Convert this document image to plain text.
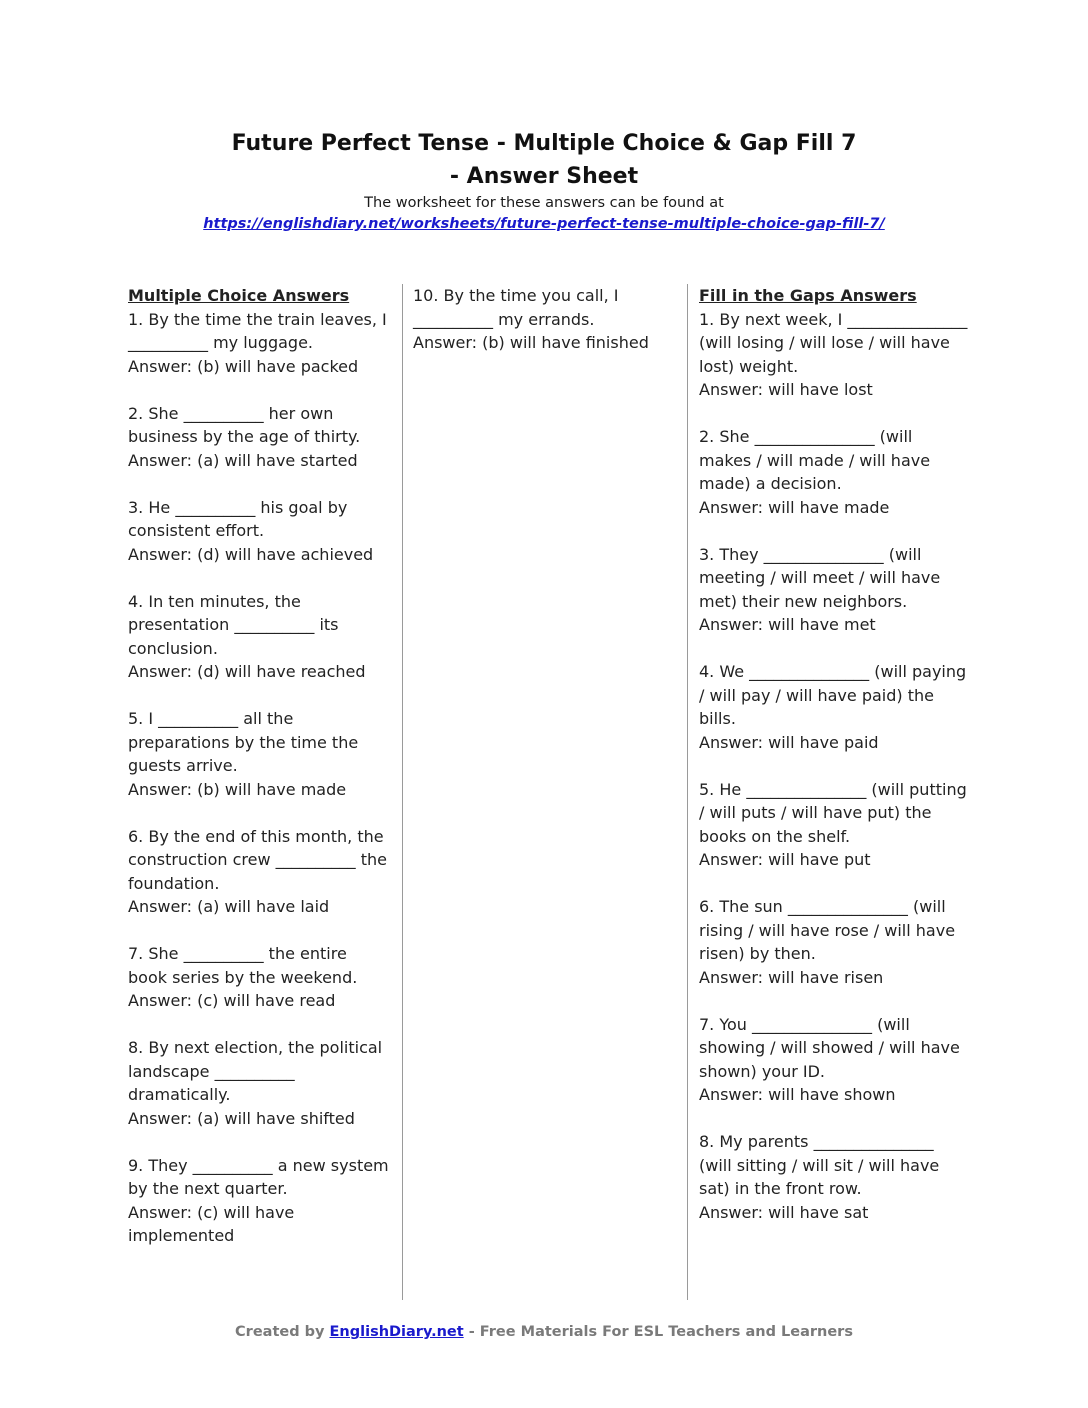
Future Perfect Tense - Multiple Choice & Gap Fill 7
- Answer Sheet
The worksheet for these answers can be found at
https://englishdiary.net/worksheets/future-perfect-tense-multiple-choice-gap-fill-7/

Multiple Choice Answers

1. By the time the train leaves, I __________ my luggage.

Answer: (b) will have packed

2. She __________ her own business by the age of thirty.

Answer: (a) will have started

3. He __________ his goal by consistent effort.

Answer: (d) will have achieved

4. In ten minutes, the presentation __________ its conclusion.

Answer: (d) will have reached

5. I __________ all the preparations by the time the guests arrive.

Answer: (b) will have made

6. By the end of this month, the construction crew __________ the foundation.

Answer: (a) will have laid

7. She __________ the entire book series by the weekend.

Answer: (c) will have read

8. By next election, the political landscape __________ dramatically.

Answer: (a) will have shifted

9. They __________ a new system by the next quarter.

Answer: (c) will have implemented

10. By the time you call, I __________ my errands.

Answer: (b) will have finished

Fill in the Gaps Answers

1. By next week, I _______________ (will losing / will lose / will have lost) weight.

Answer: will have lost

2. She _______________ (will makes / will made / will have made) a decision.

Answer: will have made

3. They _______________ (will meeting / will meet / will have met) their new neighbors.

Answer: will have met

4. We _______________ (will paying / will pay / will have paid) the bills.

Answer: will have paid

5. He _______________ (will putting / will puts / will have put) the books on the shelf.

Answer: will have put

6. The sun _______________ (will rising / will have rose / will have risen) by then.

Answer: will have risen

7. You _______________ (will showing / will showed / will have shown) your ID.

Answer: will have shown

8. My parents _______________ (will sitting / will sit / will have sat) in the front row.

Answer: will have sat

Created by EnglishDiary.net - Free Materials For ESL Teachers and Learners
